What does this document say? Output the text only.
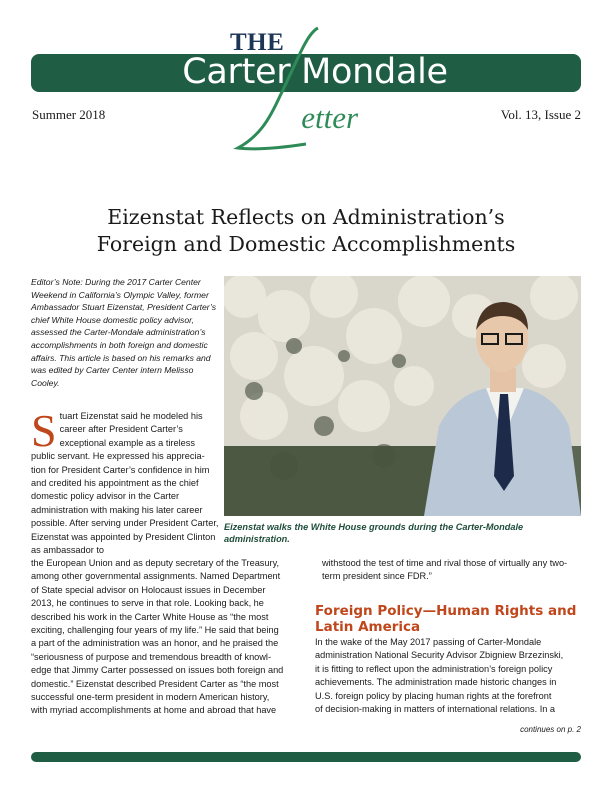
THE
Carter Mondale
etter
Summer 2018	Vol. 13, Issue 2
Eizenstat Reflects on Administration’s
Foreign and Domestic Accomplishments
Editor’s Note: During the 2017 Carter Center Weekend in California’s Olympic Valley, former Ambassador Stuart Eizenstat, President Carter’s chief White House domestic policy advisor, assessed the Carter-Mondale administration’s accomplishments in both foreign and domestic affairs. This article is based on his remarks and was edited by Carter Center intern Melisso Cooley.
Eizenstat walks the White House grounds during the Carter-Mondale administration.
S tuart Eizenstat said he modeled his career after President Carter’s exceptional example as a tireless public servant. He expressed his apprecia-tion for President Carter’s confidence in him and credited his appointment as the chief domestic policy advisor in the Carter administration with making his later career possible. After serving under President Carter, Eizenstat was appointed by President Clinton as ambassador to
the European Union and as deputy secretary of the Treasury,
among other governmental assignments. Named Department
of State special advisor on Holocaust issues in December
2013, he continues to serve in that role. Looking back, he
described his work in the Carter White House as “the most
exciting, challenging four years of my life.” He said that being
a part of the administration was an honor, and he praised the
“seriousness of purpose and tremendous breadth of knowl-
edge that Jimmy Carter possessed on issues both foreign and
domestic.” Eizenstat described President Carter as “the most
successful one-term president in modern American history,
with myriad accomplishments at home and abroad that have
withstood the test of time and rival those of virtually any two-term president since FDR.”
Foreign Policy—Human Rights and Latin America
In the wake of the May 2017 passing of Carter-Mondale
administration National Security Advisor Zbigniew Brzezinski,
it is fitting to reflect upon the administration’s foreign policy
achievements. The administration made historic changes in
U.S. foreign policy by placing human rights at the forefront
of decision-making in matters of international relations. In a
continues on p. 2
